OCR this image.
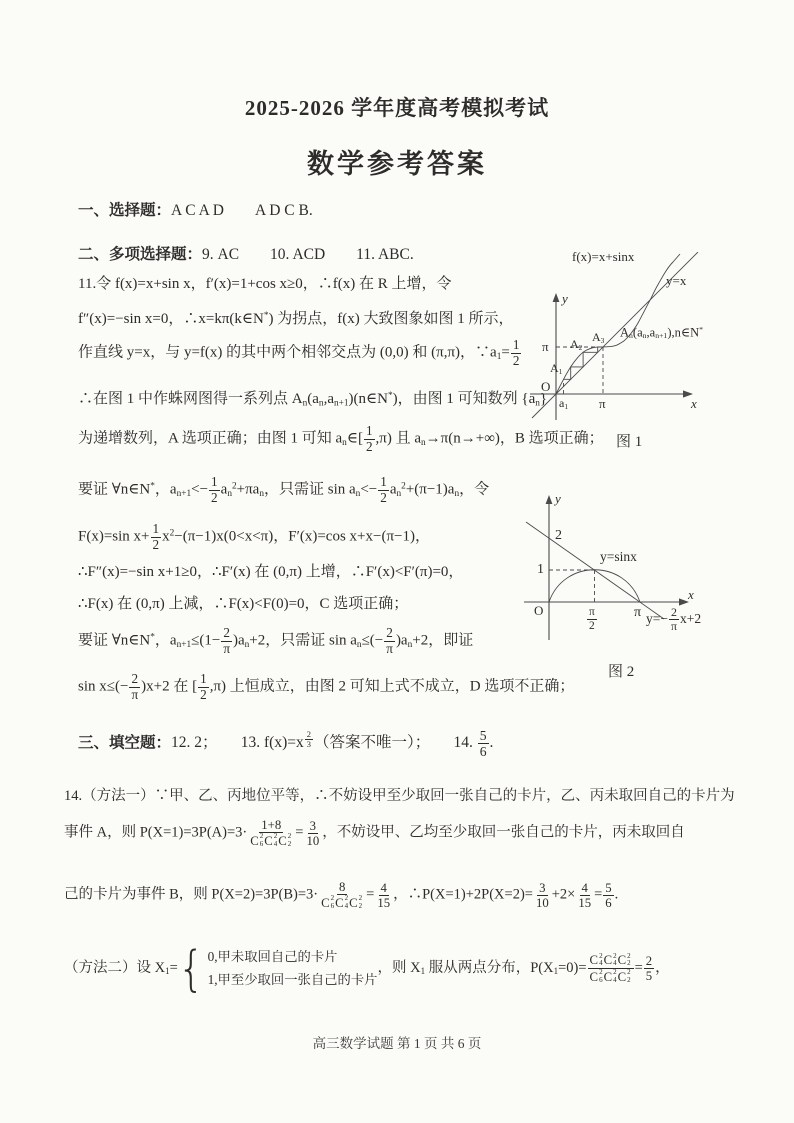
2025-2026 学年度高考模拟考试
数学参考答案
一、选择题：A C A D　　A D C B.
二、多项选择题：9. AC　　10. ACD　　11. ABC.
11.令 f(x)=x+sin x，f′(x)=1+cos x≥0，∴f(x) 在 R 上增，令
f″(x)=−sin x=0，∴x=kπ(k∈N*) 为拐点，f(x) 大致图象如图 1 所示，
作直线 y=x，与 y=f(x) 的其中两个相邻交点为 (0,0) 和 (π,π)，$\because a_1= \frac{1}{2}$
∴在图 1 中作蛛网图得一系列点 $A_n(a_n,a_{n+1})(n\in N^*)$，由图 1 可知数列 $\{a_n\}$
为递增数列，A 选项正确；由图 1 可知 $a_n\in[ \frac{1}{2} ,\pi)$ 且 $a_n\to\pi(n\to+\infty)$，B 选项正确；
要证 ∀n∈N*，$a_{n+1}<- \frac{1}{2} a_n^2+\pi a_n$，只需证 $\sin a_n<- \frac{1}{2} a_n^2+(\pi-1)a_n$，令
F(x)=sin $x+ \frac{1}{2} x^2-(\pi-1)x(0<x<\pi)$，F′(x)=cos x+x−(π−1)，
∴F″(x)=−sin x+1≥0，∴F′(x) 在 (0,π) 上增，∴F′(x)<F′(π)=0，
∴F(x) 在 (0,π) 上减，∴F(x)<F(0)=0，C 选项正确；
要证 ∀n∈N*，$a_{n+1}\le(1- \frac{2}{\pi} )a_n+2$，只需证 $\sin a_n\le(- \frac{2}{\pi} )a_n+2$，即证
$\sin x\le(- \frac{2}{\pi} )x+2$ 在 [ $\frac{1}{2} ,\pi$) 上恒成立，由图 2 可知上式不成立，D 选项不正确；
f(x)=x+sinx
y=x
$A_n(a_n,a_{n+1}),n\in N^*$
π
$A_1$
$A_2$
$A_3$
$a_1$ π
O
x
y
图 1
y
2
1
y=sinx
O	$\frac{\pi}{2}$	π
x
$y=- \frac{2}{\pi} x+2$
图 2
三、填空题：12. 2；　　13. f(x)=x $^{\frac{2}{3}}$ （答案不唯一）；　　14. $\frac{5}{6}$ .
14.（方法一）∵甲、乙、丙地位平等，∴不妨设甲至少取回一张自己的卡片，乙、丙未取回自己的卡片为
事件 A，则 P(X=1)=3P(A)=3· 1+8
C 2
6 C 2
4 C 2
$2 = \frac{3}{10}$ ，不妨设甲、乙均至少取回一张自己的卡片，丙未取回自
己的卡片为事件 B，则 P(X=2)=3P(B)=3· 8
C 2
6 C 2
4 C 2
$2 = \frac{4}{15}$ ，∴P(X=1)+2P(X=2)= $\frac{3}{10} +2\times \frac{4}{15} = \frac{5}{6}$ .
（方法二）设 $X_1=$ { 0,甲未取回自己的卡片
1,甲至少取回一张自己的卡片
，则 $X_1$ 服从两点分布，$P(X_1=0)= C$ 2
4 C 2
4 C 2
2
C 2
6 C 2
4 C 2
$2 = \frac{2}{5}$ ，
高三数学试题 第 1 页 共 6 页
